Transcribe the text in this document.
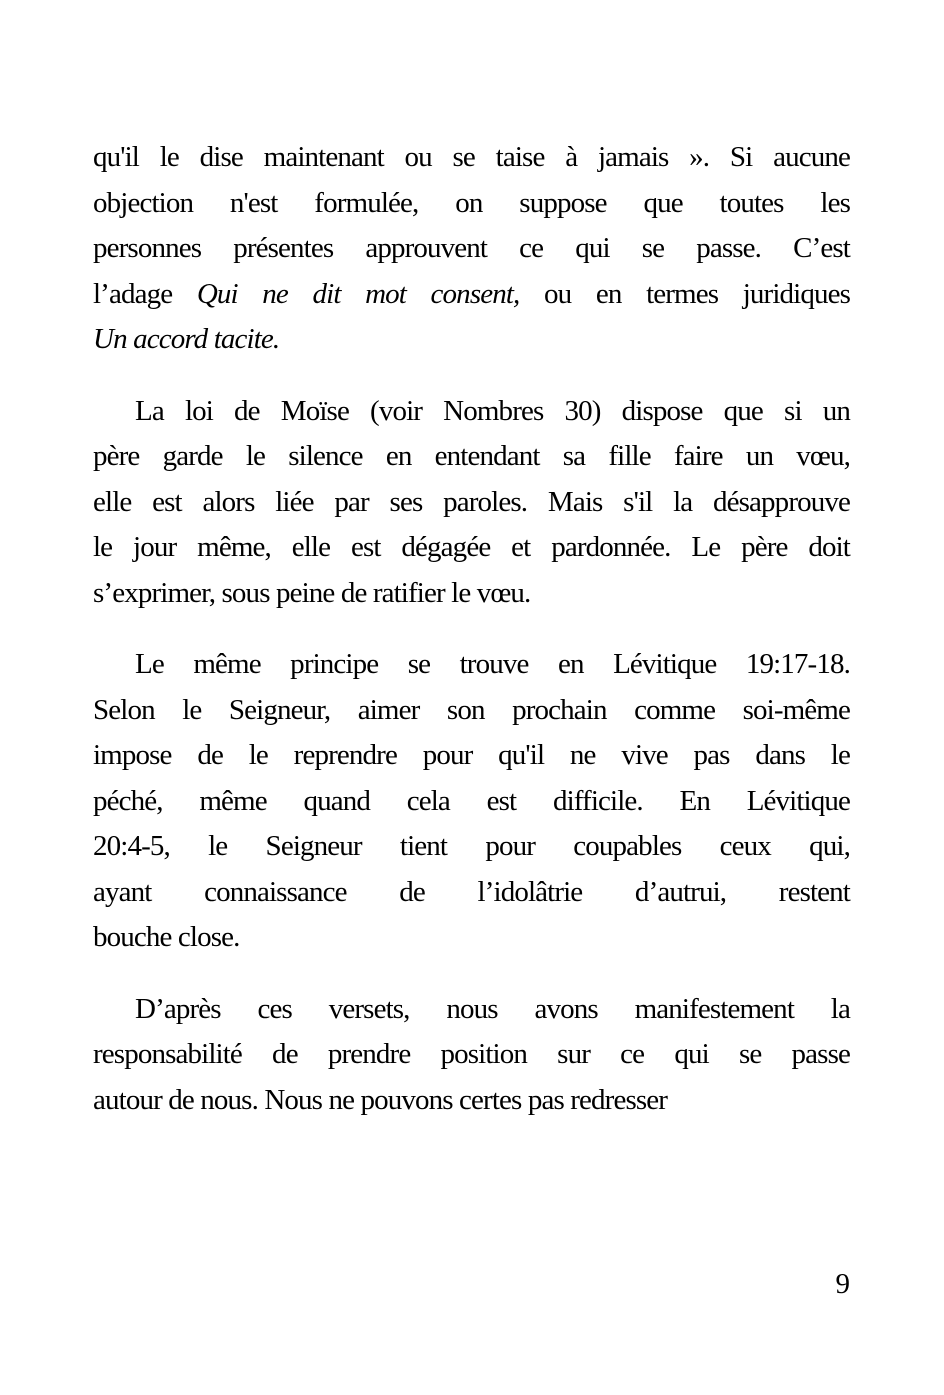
qu'il le dise maintenant ou se taise à jamais ». Si aucune
objection n'est formulée, on suppose que toutes les
personnes présentes approuvent ce qui se passe. C’est
l’adage Qui ne dit mot consent, ou en termes juridiques
Un accord tacite.
La loi de Moïse (voir Nombres 30) dispose que si un
père garde le silence en entendant sa fille faire un vœu,
elle est alors liée par ses paroles. Mais s'il la désapprouve
le jour même, elle est dégagée et pardonnée. Le père doit
s’exprimer, sous peine de ratifier le vœu.
Le même principe se trouve en Lévitique 19:17-18.
Selon le Seigneur, aimer son prochain comme soi-même
impose de le reprendre pour qu'il ne vive pas dans le
péché, même quand cela est difficile. En Lévitique
20:4-5, le Seigneur tient pour coupables ceux qui,
ayant connaissance de l’idolâtrie d’autrui, restent
bouche close.
D’après ces versets, nous avons manifestement la
responsabilité de prendre position sur ce qui se passe
autour de nous. Nous ne pouvons certes pas redresser
9
